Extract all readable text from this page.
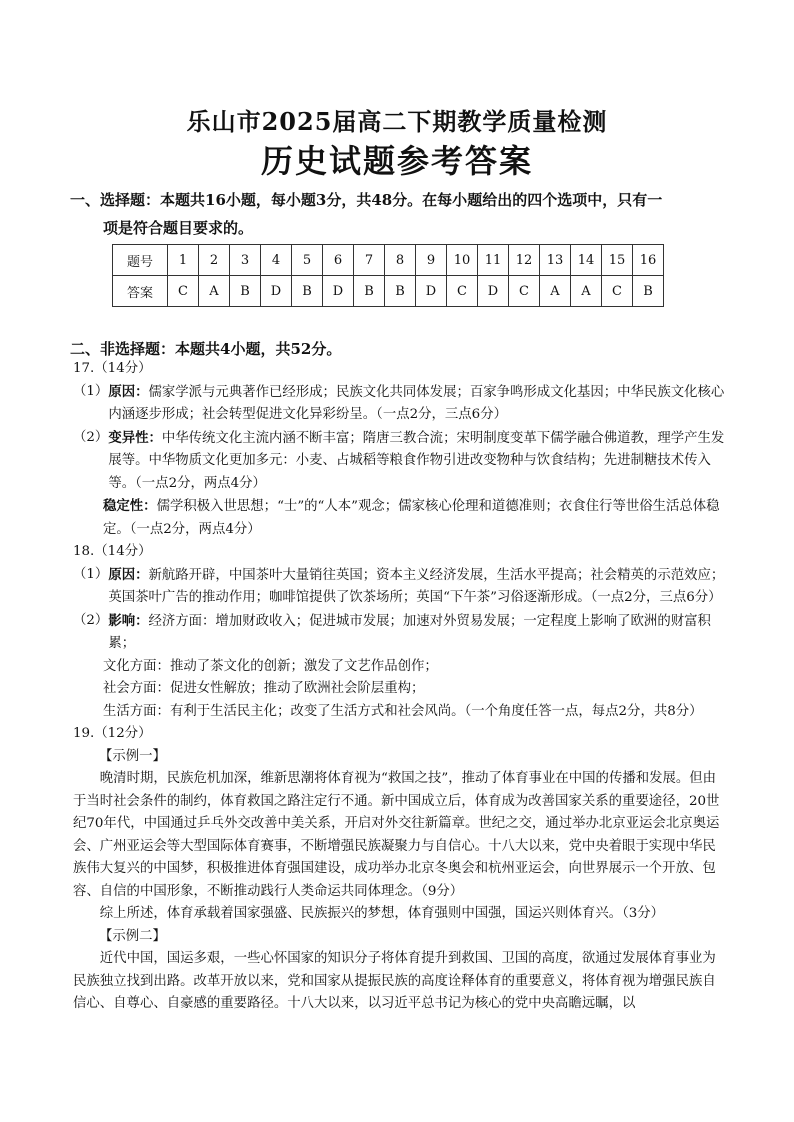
乐山市2025届高二下期教学质量检测
历史试题参考答案
一、选择题：本题共16小题，每小题3分，共48分。在每小题给出的四个选项中，只有一
项是符合题目要求的。
题号	1	2	3	4	5	6	7	8	9	10	11	12	13	14	15	16
答案	C	A	B	D	B	D	B	B	D	C	D	C	A	A	C	B
二、非选择题：本题共4小题，共52分。

17.（14分）

（1） 原因：儒家学派与元典著作已经形成；民族文化共同体发展；百家争鸣形成文化基因；中华民族文化核心内涵逐步形成；社会转型促进文化异彩纷呈。（一点2分，三点6分）
（2） 变异性：中华传统文化主流内涵不断丰富；隋唐三教合流；宋明制度变革下儒学融合佛道教，理学产生发展等。中华物质文化更加多元：小麦、占城稻等粮食作物引进改变物种与饮食结构；先进制糖技术传入等。（一点2分，两点4分）

稳定性：儒学积极入世思想；“士”的“人本”观念；儒家核心伦理和道德准则；衣食住行等世俗生活总体稳定。（一点2分，两点4分）

18.（14分）

（1） 原因：新航路开辟，中国茶叶大量销往英国；资本主义经济发展，生活水平提高；社会精英的示范效应；英国茶叶广告的推动作用；咖啡馆提供了饮茶场所；英国“下午茶”习俗逐渐形成。（一点2分，三点6分）
（2） 影响：经济方面：增加财政收入；促进城市发展；加速对外贸易发展；一定程度上影响了欧洲的财富积累；

文化方面：推动了茶文化的创新；激发了文艺作品创作；

社会方面：促进女性解放；推动了欧洲社会阶层重构；

生活方面：有利于生活民主化；改变了生活方式和社会风尚。（一个角度任答一点，每点2分，共8分）

19.（12分）

【示例一】

晚清时期，民族危机加深，维新思潮将体育视为“救国之技”，推动了体育事业在中国的传播和发展。但由于当时社会条件的制约，体育救国之路注定行不通。新中国成立后，体育成为改善国家关系的重要途径，20世纪70年代，中国通过乒乓外交改善中美关系，开启对外交往新篇章。世纪之交，通过举办北京亚运会北京奥运会、广州亚运会等大型国际体育赛事，不断增强民族凝聚力与自信心。十八大以来，党中央着眼于实现中华民族伟大复兴的中国梦，积极推进体育强国建设，成功举办北京冬奥会和杭州亚运会，向世界展示一个开放、包容、自信的中国形象，不断推动践行人类命运共同体理念。（9分）

综上所述，体育承载着国家强盛、民族振兴的梦想，体育强则中国强，国运兴则体育兴。（3分）

【示例二】

近代中国，国运多艰，一些心怀国家的知识分子将体育提升到救国、卫国的高度，欲通过发展体育事业为民族独立找到出路。改革开放以来，党和国家从提振民族的高度诠释体育的重要意义，将体育视为增强民族自信心、自尊心、自豪感的重要路径。十八大以来，以习近平总书记为核心的党中央高瞻远瞩，以
